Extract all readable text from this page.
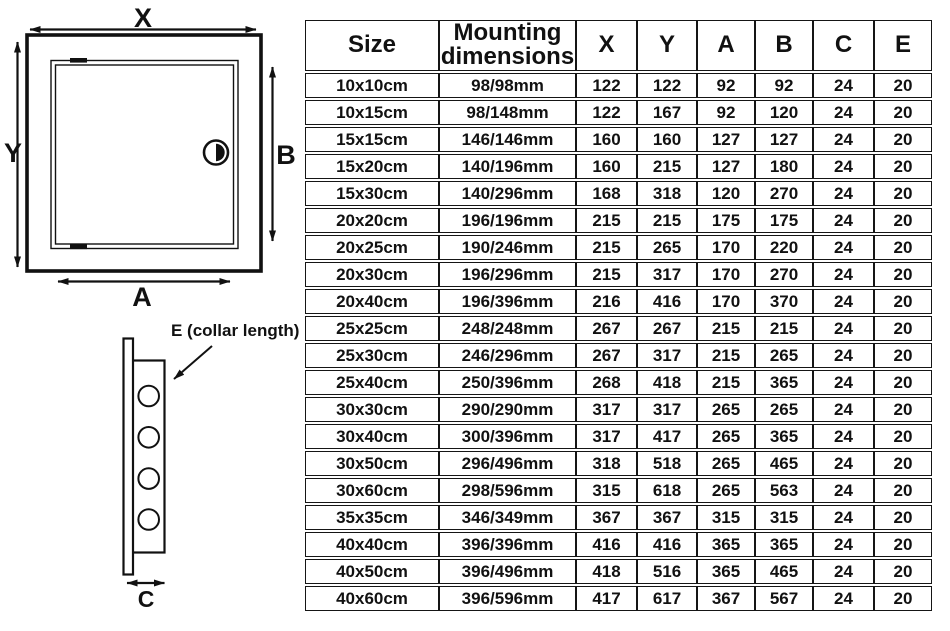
X
Y	B
A
E (collar length)
C
Size	Mounting dimensions	X	Y	A	B	C	E
10x10cm	98/98mm	122	122	92	92	24	20
10x15cm	98/148mm	122	167	92	120	24	20
15x15cm	146/146mm	160	160	127	127	24	20
15x20cm	140/196mm	160	215	127	180	24	20
15x30cm	140/296mm	168	318	120	270	24	20
20x20cm	196/196mm	215	215	175	175	24	20
20x25cm	190/246mm	215	265	170	220	24	20
20x30cm	196/296mm	215	317	170	270	24	20
20x40cm	196/396mm	216	416	170	370	24	20
25x25cm	248/248mm	267	267	215	215	24	20
25x30cm	246/296mm	267	317	215	265	24	20
25x40cm	250/396mm	268	418	215	365	24	20
30x30cm	290/290mm	317	317	265	265	24	20
30x40cm	300/396mm	317	417	265	365	24	20
30x50cm	296/496mm	318	518	265	465	24	20
30x60cm	298/596mm	315	618	265	563	24	20
35x35cm	346/349mm	367	367	315	315	24	20
40x40cm	396/396mm	416	416	365	365	24	20
40x50cm	396/496mm	418	516	365	465	24	20
40x60cm	396/596mm	417	617	367	567	24	20
